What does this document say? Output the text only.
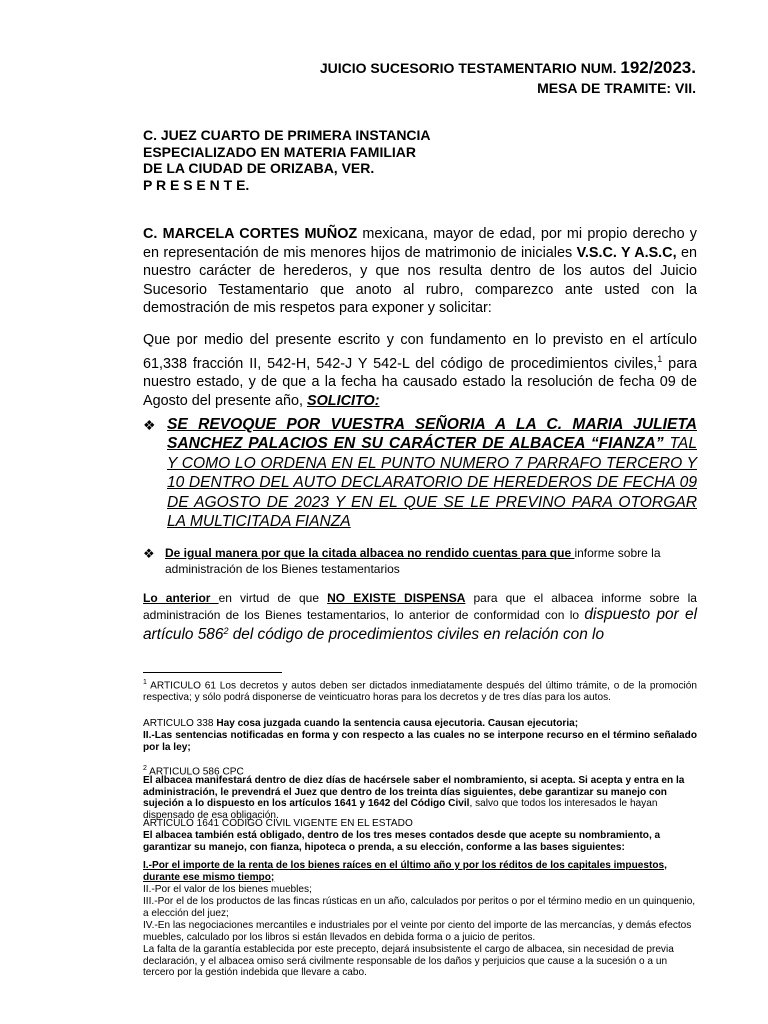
JUICIO SUCESORIO TESTAMENTARIO NUM. 192/2023.
MESA DE TRAMITE: VII.
C. JUEZ CUARTO DE PRIMERA INSTANCIA
ESPECIALIZADO EN MATERIA FAMILIAR
DE LA CIUDAD DE ORIZABA, VER.
P R E S E N T E.
C. MARCELA CORTES MUÑOZ mexicana, mayor de edad, por mi propio derecho y en representación de mis menores hijos de matrimonio de iniciales V.S.C. Y A.S.C, en nuestro carácter de herederos, y que nos resulta dentro de los autos del Juicio Sucesorio Testamentario que anoto al rubro, comparezco ante usted con la demostración de mis respetos para exponer y solicitar:
Que por medio del presente escrito y con fundamento en lo previsto en el artículo 61,338 fracción II, 542-H, 542-J Y 542-L del código de procedimientos civiles,$^1$ para nuestro estado, y de que a la fecha ha causado estado la resolución de fecha 09 de Agosto del presente año, SOLICITO:
❖ SE REVOQUE POR VUESTRA SEÑORIA A LA C. MARIA JULIETA SANCHEZ PALACIOS EN SU CARÁCTER DE ALBACEA “FIANZA” TAL Y COMO LO ORDENA EN EL PUNTO NUMERO 7 PARRAFO TERCERO Y 10 DENTRO DEL AUTO DECLARATORIO DE HEREDEROS DE FECHA 09 DE AGOSTO DE 2023 Y EN EL QUE SE LE PREVINO PARA OTORGAR LA MULTICITADA FIANZA
❖ De igual manera por que la citada albacea no rendido cuentas para que informe sobre la administración de los Bienes testamentarios
Lo anterior en virtud de que NO EXISTE DISPENSA para que el albacea informe sobre la administración de los Bienes testamentarios, lo anterior de conformidad con lo dispuesto por el artículo $586^2$ del código de procedimientos civiles en relación con lo
$^1$ ARTICULO 61 Los decretos y autos deben ser dictados inmediatamente después del último trámite, o de la promoción respectiva; y sólo podrá disponerse de veinticuatro horas para los decretos y de tres días para los autos.
ARTICULO 338 Hay cosa juzgada cuando la sentencia causa ejecutoria. Causan ejecutoria;
II.-Las sentencias notificadas en forma y con respecto a las cuales no se interpone recurso en el término señalado por la ley;
$^2$ ARTICULO 586 CPC
El albacea manifestará dentro de diez días de hacérsele saber el nombramiento, si acepta. Si acepta y entra en la administración, le prevendrá el Juez que dentro de los treinta días siguientes, debe garantizar su manejo con sujeción a lo dispuesto en los artículos 1641 y 1642 del Código Civil, salvo que todos los interesados le hayan dispensado de esa obligación.
ARTICULO 1641 CODIGO CIVIL VIGENTE EN EL ESTADO
El albacea también está obligado, dentro de los tres meses contados desde que acepte su nombramiento, a garantizar su manejo, con fianza, hipoteca o prenda, a su elección, conforme a las bases siguientes:
I.-Por el importe de la renta de los bienes raíces en el último año y por los réditos de los capitales impuestos, durante ese mismo tiempo;
II.-Por el valor de los bienes muebles;
III.-Por el de los productos de las fincas rústicas en un año, calculados por peritos o por el término medio en un quinquenio, a elección del juez;
IV.-En las negociaciones mercantiles e industriales por el veinte por ciento del importe de las mercancías, y demás efectos muebles, calculado por los libros si están llevados en debida forma o a juicio de peritos.
La falta de la garantía establecida por este precepto, dejará insubsistente el cargo de albacea, sin necesidad de previa declaración, y el albacea omiso será civilmente responsable de los daños y perjuicios que cause a la sucesión o a un tercero por la gestión indebida que llevare a cabo.
